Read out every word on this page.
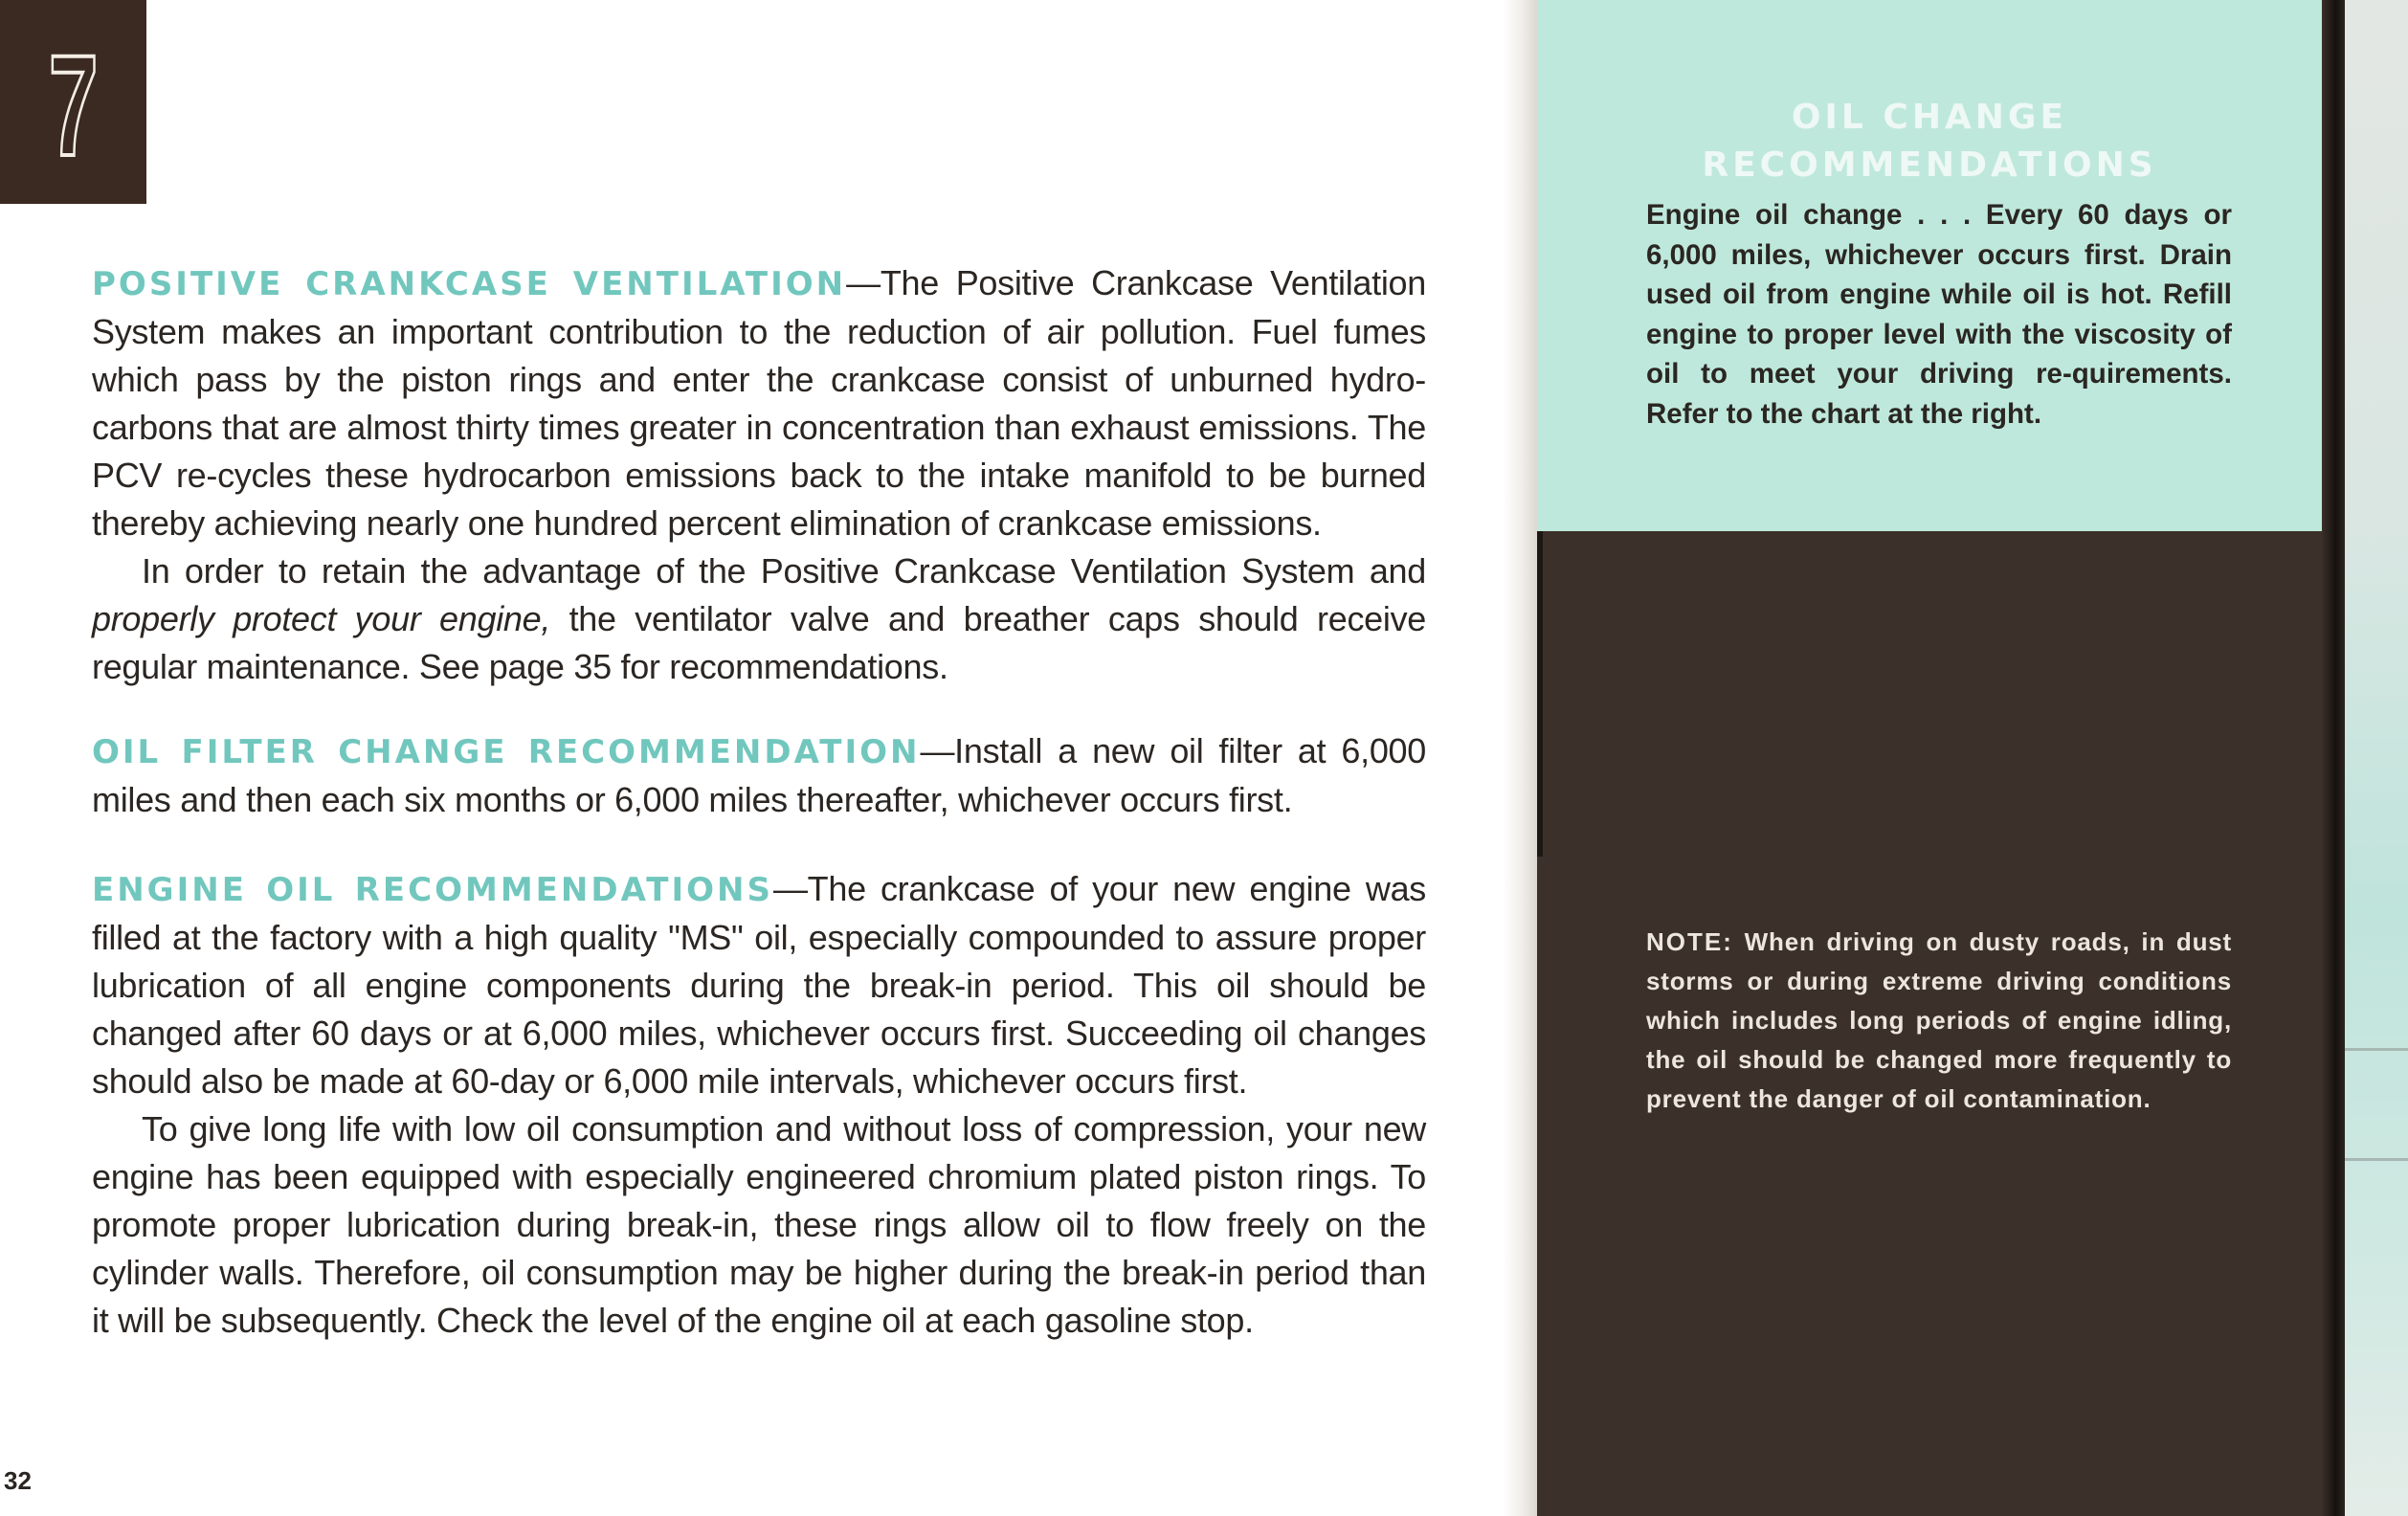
7

POSITIVE CRANKCASE VENTILATION—The Positive Crankcase Ventilation System makes an important contribution to the reduction of air pollution. Fuel fumes which pass by the piston rings and enter the crankcase consist of unburned hydro-carbons that are almost thirty times greater in concentration than exhaust emissions. The PCV re-cycles these hydrocarbon emissions back to the intake manifold to be burned thereby achieving nearly one hundred percent elimination of crankcase emissions.

In order to retain the advantage of the Positive Crankcase Ventilation System and properly protect your engine, the ventilator valve and breather caps should receive regular maintenance. See page 35 for recommendations.

OIL FILTER CHANGE RECOMMENDATION—Install a new oil filter at 6,000 miles and then each six months or 6,000 miles thereafter, whichever occurs first.

ENGINE OIL RECOMMENDATIONS—The crankcase of your new engine was filled at the factory with a high quality "MS" oil, especially compounded to assure proper lubrication of all engine components during the break-in period. This oil should be changed after 60 days or at 6,000 miles, whichever occurs first. Succeeding oil changes should also be made at 60-day or 6,000 mile intervals, whichever occurs first.

To give long life with low oil consumption and without loss of compression, your new engine has been equipped with especially engineered chromium plated piston rings. To promote proper lubrication during break-in, these rings allow oil to flow freely on the cylinder walls. Therefore, oil consumption may be higher during the break-in period than it will be subsequently. Check the level of the engine oil at each gasoline stop.

32
OIL CHANGE
RECOMMENDATIONS
Engine oil change . . . Every 60 days or 6,000 miles, whichever occurs first. Drain used oil from engine while oil is hot. Refill engine to proper level with the viscosity of oil to meet your driving re-quirements. Refer to the chart at the right.
NOTE: When driving on dusty roads, in dust storms or during extreme driving conditions which includes long periods of engine idling, the oil should be changed more frequently to prevent the danger of oil contamination.
